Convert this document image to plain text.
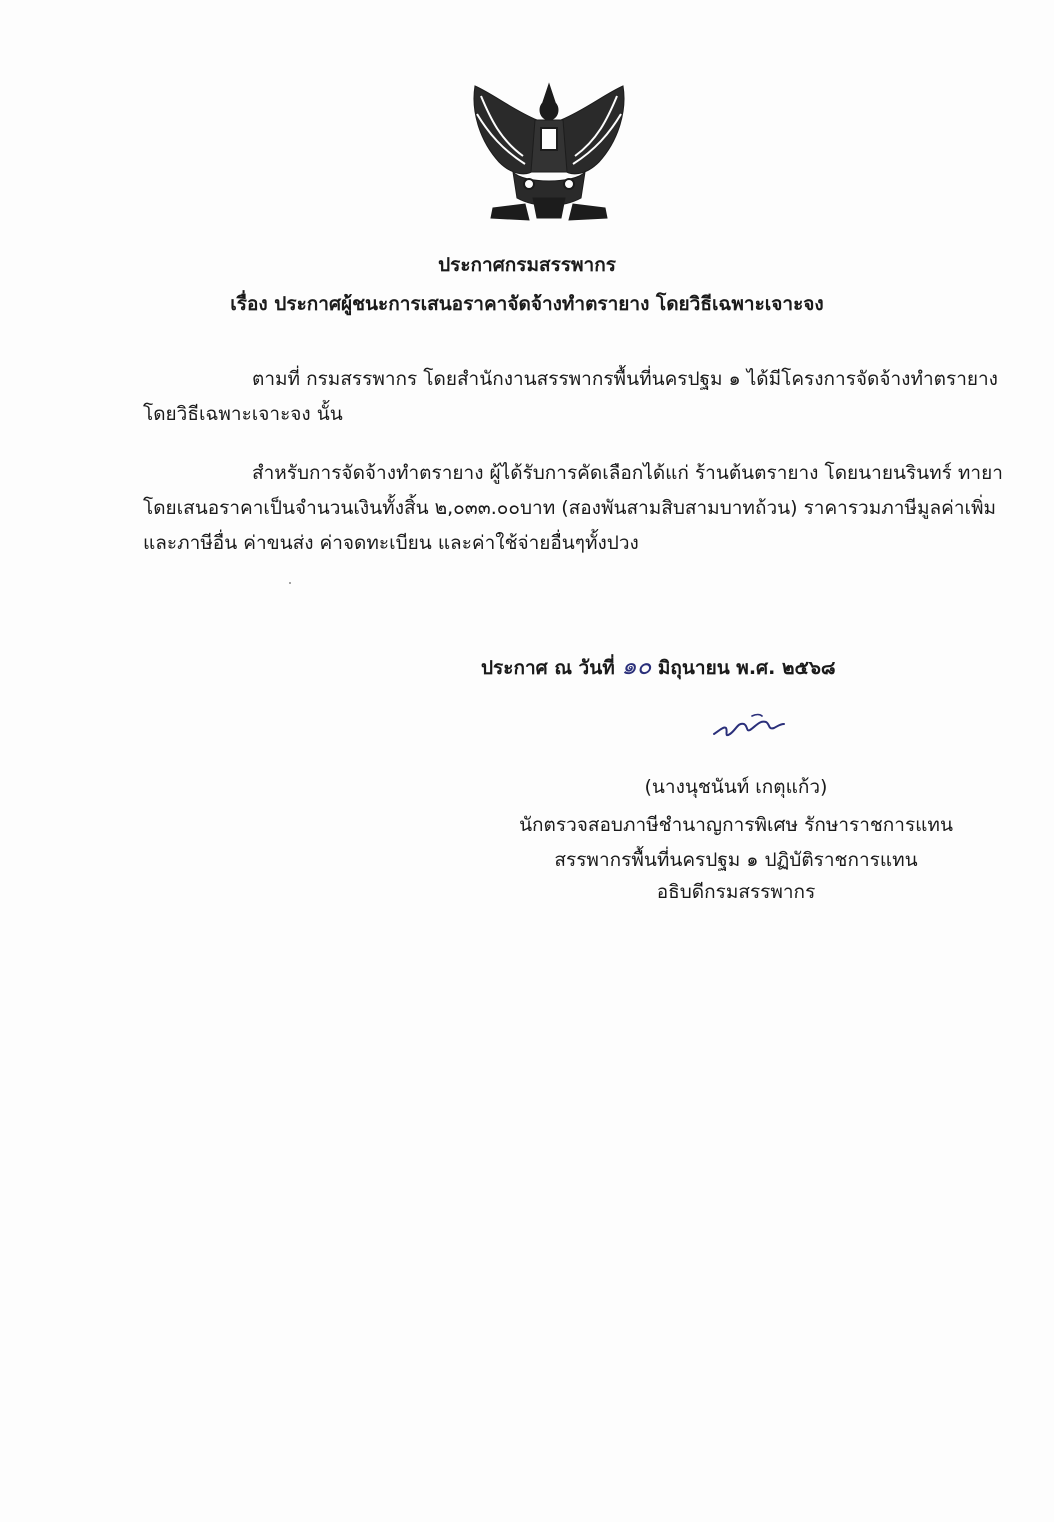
ประกาศกรมสรรพากร
เรื่อง ประกาศผู้ชนะการเสนอราคาจัดจ้างทำตรายาง โดยวิธีเฉพาะเจาะจง
ตามที่ กรมสรรพากร โดยสำนักงานสรรพากรพื้นที่นครปฐม ๑ ได้มีโครงการจัดจ้างทำตรายาง
โดยวิธีเฉพาะเจาะจง นั้น
สำหรับการจัดจ้างทำตรายาง ผู้ได้รับการคัดเลือกได้แก่ ร้านต้นตรายาง โดยนายนรินทร์ ทายา
โดยเสนอราคาเป็นจำนวนเงินทั้งสิ้น ๒,๐๓๓.๐๐บาท (สองพันสามสิบสามบาทถ้วน) ราคารวมภาษีมูลค่าเพิ่ม
และภาษีอื่น ค่าขนส่ง ค่าจดทะเบียน และค่าใช้จ่ายอื่นๆทั้งปวง
ประกาศ ณ วันที่ ๑๐ มิถุนายน พ.ศ. ๒๕๖๘
(นางนุชนันท์ เกตุแก้ว)
นักตรวจสอบภาษีชำนาญการพิเศษ รักษาราชการแทน
สรรพากรพื้นที่นครปฐม ๑ ปฏิบัติราชการแทน
อธิบดีกรมสรรพากร
